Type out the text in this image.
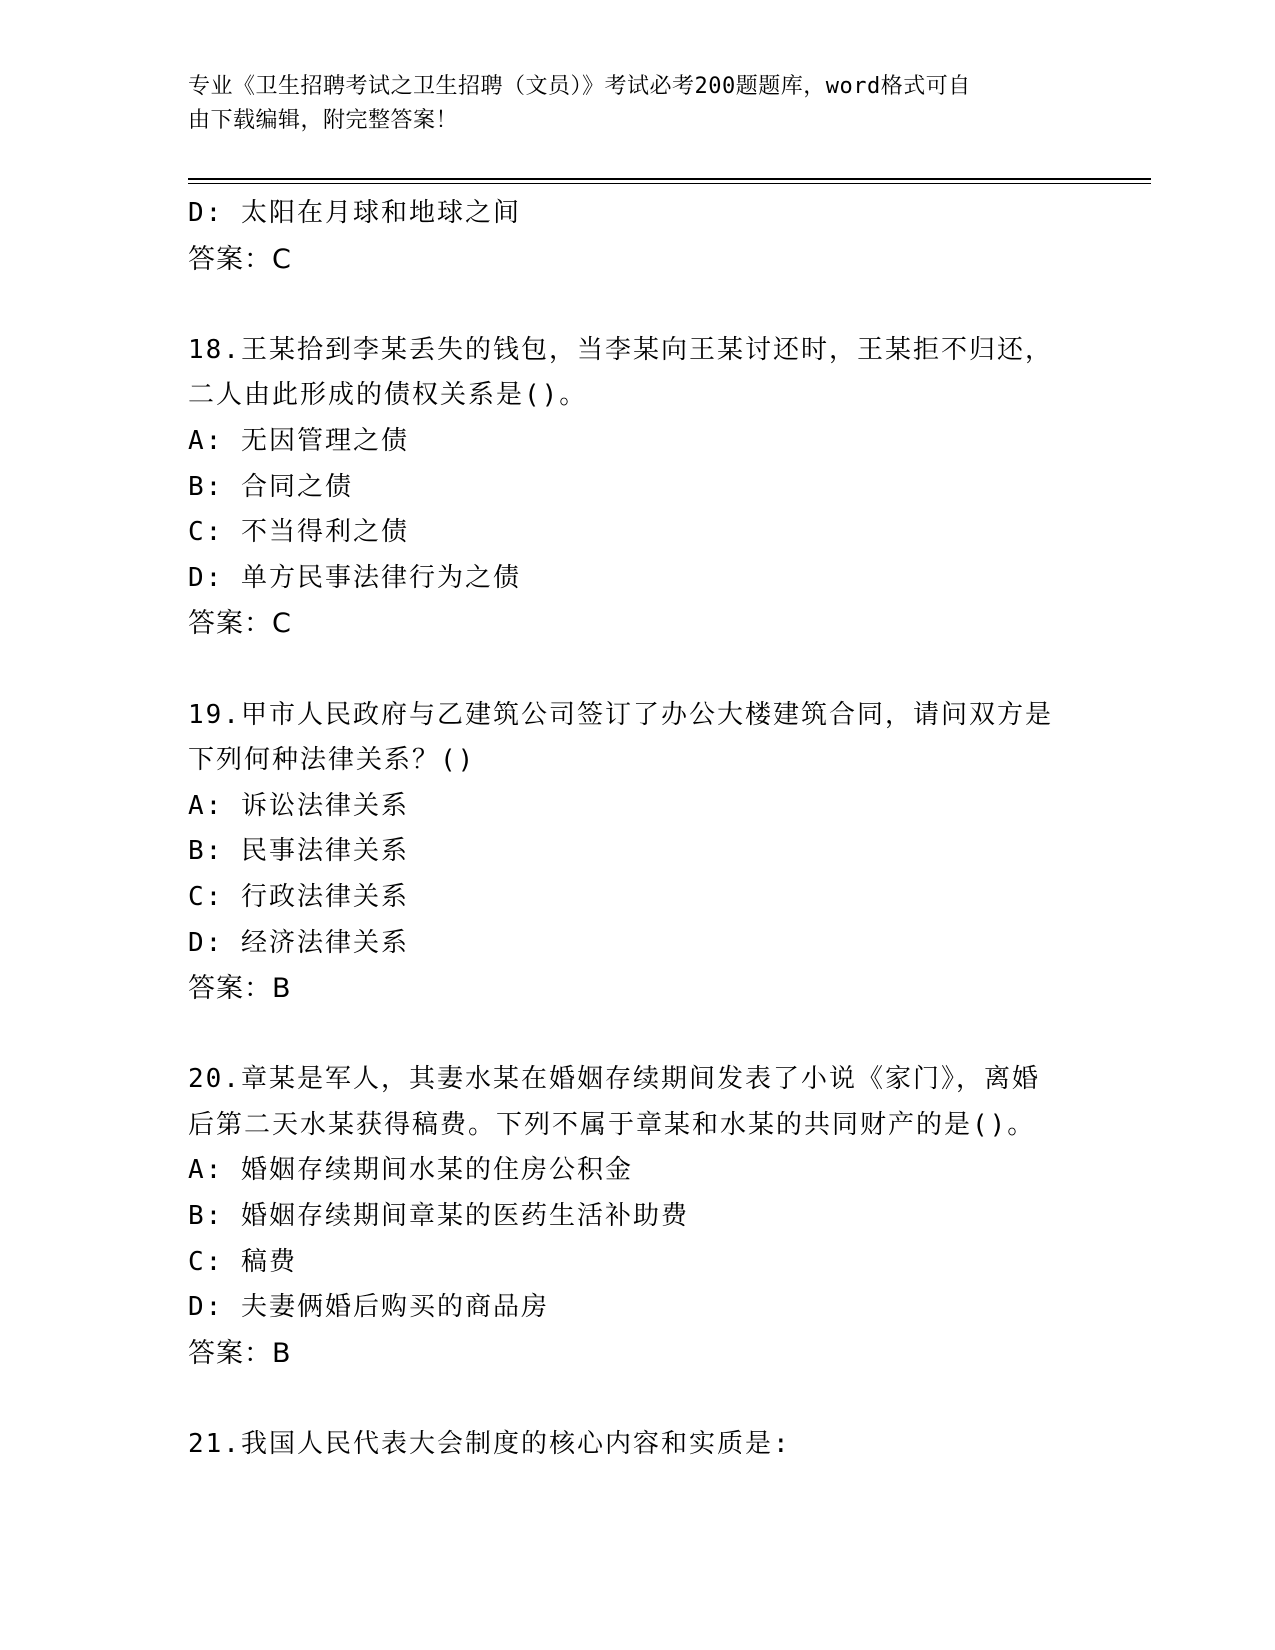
专业《卫生招聘考试之卫生招聘（文员）》考试必考200题题库，word格式可自
由下载编辑，附完整答案！
D: 太阳在月球和地球之间
答案：C
18.王某拾到李某丢失的钱包，当李某向王某讨还时，王某拒不归还，
二人由此形成的债权关系是()。
A: 无因管理之债
B: 合同之债
C: 不当得利之债
D: 单方民事法律行为之债
答案：C
19.甲市人民政府与乙建筑公司签订了办公大楼建筑合同，请问双方是
下列何种法律关系？()
A: 诉讼法律关系
B: 民事法律关系
C: 行政法律关系
D: 经济法律关系
答案：B
20.章某是军人，其妻水某在婚姻存续期间发表了小说《家门》，离婚
后第二天水某获得稿费。下列不属于章某和水某的共同财产的是()。
A: 婚姻存续期间水某的住房公积金
B: 婚姻存续期间章某的医药生活补助费
C: 稿费
D: 夫妻俩婚后购买的商品房
答案：B
21.我国人民代表大会制度的核心内容和实质是:
